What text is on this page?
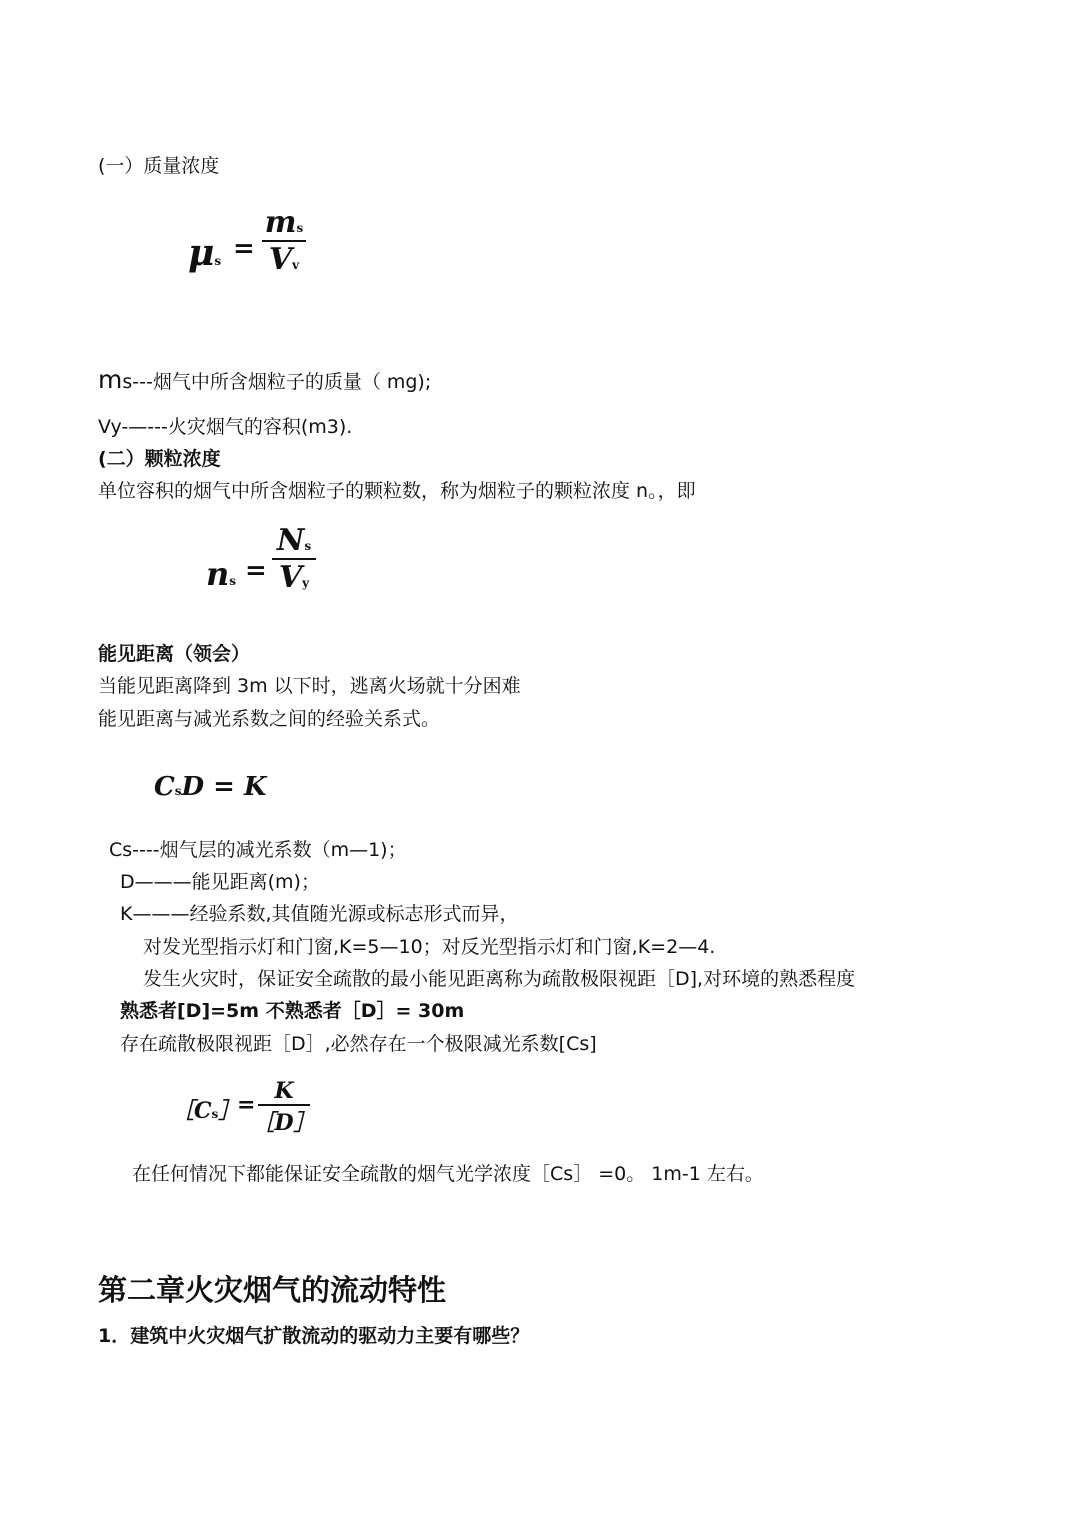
(一）质量浓度
μs =
ms
Vv
ms---烟气中所含烟粒子的质量（ mg);
Vy-—---火灾烟气的容积(m3).
(二）颗粒浓度
单位容积的烟气中所含烟粒子的颗粒数，称为烟粒子的颗粒浓度 n。，即
ns =
Ns
Vy
能见距离（领会）
当能见距离降到 3m 以下时，逃离火场就十分困难
能见距离与减光系数之间的经验关系式。
CsD = K
Cs----烟气层的减光系数（m—1)；
D———能见距离(m)；
K———经验系数,其值随光源或标志形式而异，
对发光型指示灯和门窗,K=5—10；对反光型指示灯和门窗,K=2—4.
发生火灾时，保证安全疏散的最小能见距离称为疏散极限视距［D],对环境的熟悉程度
熟悉者[D]=5m 不熟悉者［D］= 30m
存在疏散极限视距［D］,必然存在一个极限减光系数[Cs]
［Cs］
=
K
［D］
在任何情况下都能保证安全疏散的烟气光学浓度［Cs］ =0。 1m-1 左右。
第二章火灾烟气的流动特性
1．建筑中火灾烟气扩散流动的驱动力主要有哪些？
